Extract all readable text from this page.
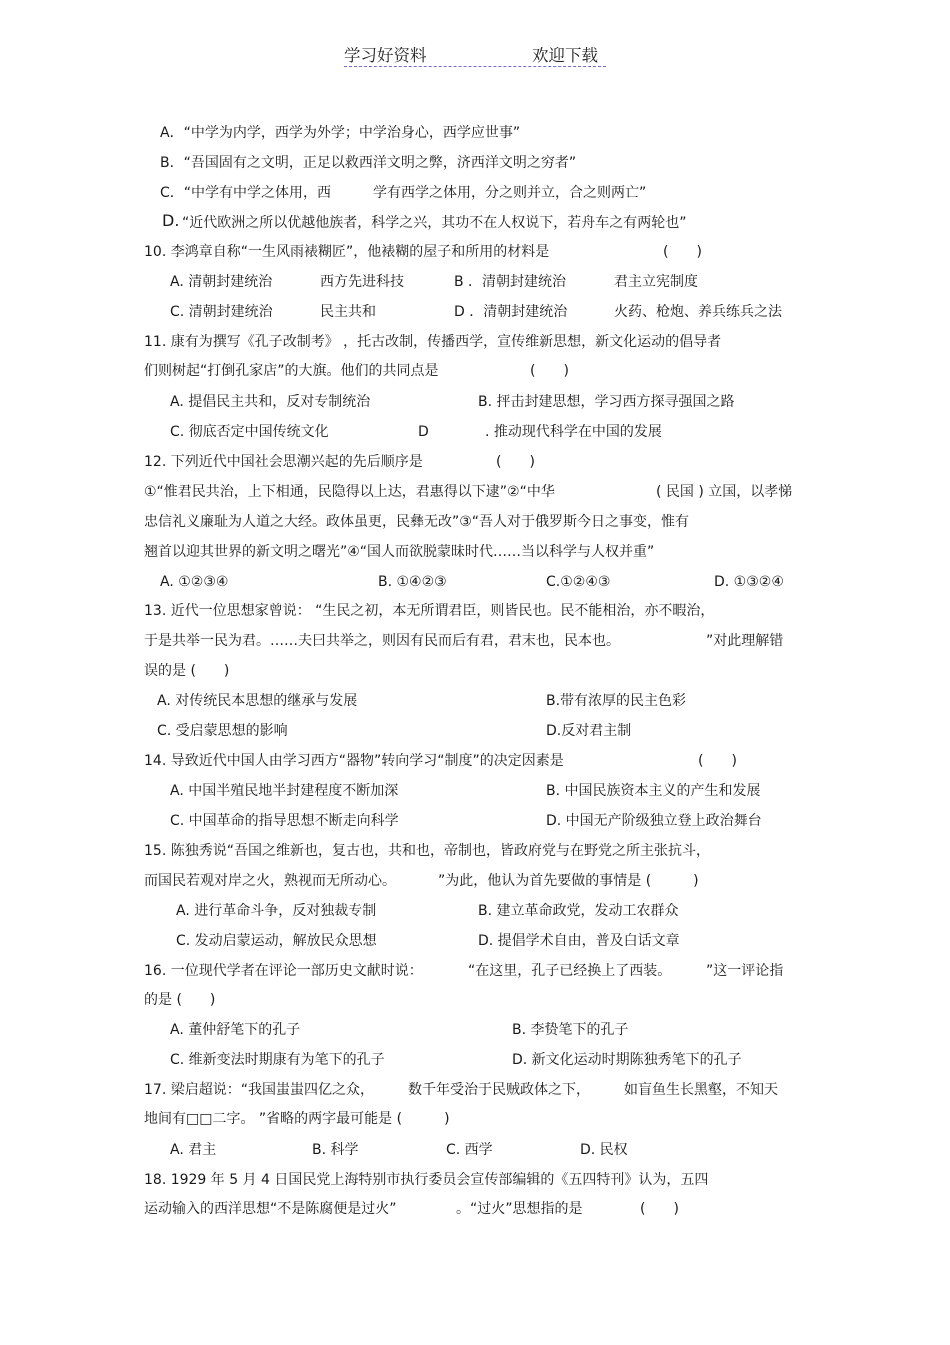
学习好资料	欢迎下载
A．“中学为内学，西学为外学；中学治身心，西学应世事”
B．“吾国固有之文明，正足以救西洋文明之弊，济西洋文明之穷者”
C．“中学有中学之体用，西	学有西学之体用，分之则并立，合之则两亡”
D. “近代欧洲之所以优越他族者，科学之兴，其功不在人权说下，若舟车之有两轮也”
10. 李鸿章自称“一生风雨裱糊匠”，他裱糊的屋子和所用的材料是	(　　)
A. 清朝封建统治	西方先进科技	B ．清朝封建统治	君主立宪制度
C. 清朝封建统治	民主共和	D ．清朝封建统治	火药、枪炮、养兵练兵之法
11. 康有为撰写《孔子改制考》 ，托古改制，传播西学，宣传维新思想，新文化运动的倡导者
们则树起“打倒孔家店”的大旗。他们的共同点是	(　　)
A. 提倡民主共和，反对专制统治	B. 抨击封建思想，学习西方探寻强国之路
C. 彻底否定中国传统文化	D	. 推动现代科学在中国的发展
12. 下列近代中国社会思潮兴起的先后顺序是	(　　)
①“惟君民共治，上下相通，民隐得以上达，君惠得以下逮”②“中华	( 民国 ) 立国，以孝悌
忠信礼义廉耻为人道之大经。政体虽更，民彝无改”③“吾人对于俄罗斯今日之事变，惟有
翘首以迎其世界的新文明之曙光”④“国人而欲脱蒙昧时代……当以科学与人权并重”
A. ①②③④	B. ①④②③	C.①②④③	D. ①③②④
13. 近代一位思想家曾说： “生民之初，本无所谓君臣，则皆民也。民不能相治，亦不暇治，
于是共举一民为君。……夫曰共举之，则因有民而后有君，君末也，民本也。	”对此理解错
误的是 (　　)
A. 对传统民本思想的继承与发展	B.带有浓厚的民主色彩
C. 受启蒙思想的影响	D.反对君主制
14. 导致近代中国人由学习西方“器物”转向学习“制度”的决定因素是	(　　)
A. 中国半殖民地半封建程度不断加深	B. 中国民族资本主义的产生和发展
C. 中国革命的指导思想不断走向科学	D. 中国无产阶级独立登上政治舞台
15. 陈独秀说“吾国之维新也，复古也，共和也，帝制也，皆政府党与在野党之所主张抗斗，
而国民若观对岸之火，熟视而无所动心。	”为此，他认为首先要做的事情是 (　　　)
A. 进行革命斗争，反对独裁专制	B. 建立革命政党，发动工农群众
C. 发动启蒙运动，解放民众思想	D. 提倡学术自由，普及白话文章
16. 一位现代学者在评论一部历史文献时说：	“在这里，孔子已经换上了西装。 ”这一评论指
的是 (　　)
A. 董仲舒笔下的孔子	B. 李贽笔下的孔子
C. 维新变法时期康有为笔下的孔子	D. 新文化运动时期陈独秀笔下的孔子
17. 梁启超说：“我国蚩蚩四亿之众， 数千年受治于民贼政体之下， 如盲鱼生长黑壑，不知天
地间有□□二字。 ”省略的两字最可能是 (　　　)
A. 君主	B. 科学	C. 西学	D. 民权
18. 1929 年 5 月 4 日国民党上海特别市执行委员会宣传部编辑的《五四特刊》认为，五四
运动输入的西洋思想“不是陈腐便是过火”	。“过火”思想指的是	(　　)
